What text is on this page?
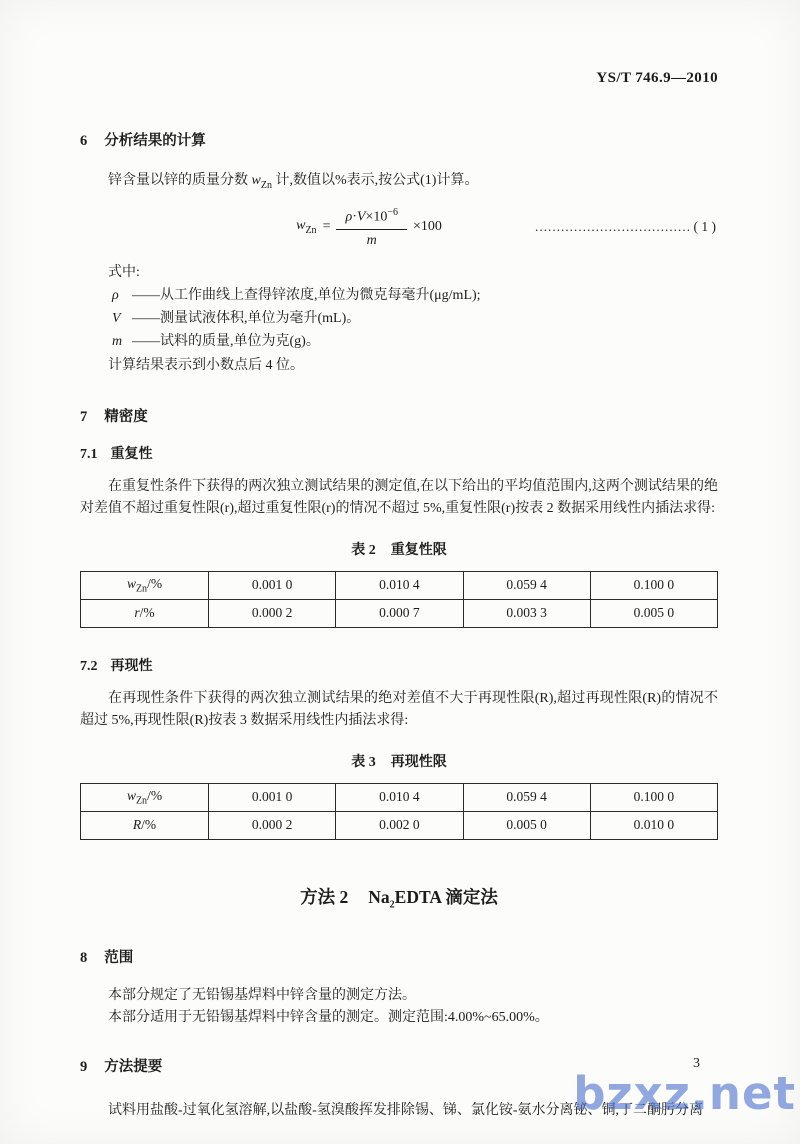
YS/T 746.9—2010
6 分析结果的计算

锌含量以锌的质量分数 $w_{Zn}$ 计,数值以%表示,按公式(1)计算。

$w_{Zn} = \frac{\rho\cdot V\times 10^{-6}}{m} \times 100$	……………………………… ( 1 )

式中:

ρ ——从工作曲线上查得锌浓度,单位为微克每毫升(μg/mL);

V ——测量试液体积,单位为毫升(mL)。

m ——试料的质量,单位为克(g)。

计算结果表示到小数点后 4 位。

7 精密度
7.1 重复性

在重复性条件下获得的两次独立测试结果的测定值,在以下给出的平均值范围内,这两个测试结果的绝对差值不超过重复性限(r),超过重复性限(r)的情况不超过 5%,重复性限(r)按表 2 数据采用线性内插法求得:

表 2 重复性限
$w_{Zn}/\%$	0.001 0	0.010 4	0.059 4	0.100 0
r/%	0.000 2	0.000 7	0.003 3	0.005 0
7.2 再现性

在再现性条件下获得的两次独立测试结果的绝对差值不大于再现性限(R),超过再现性限(R)的情况不超过 5%,再现性限(R)按表 3 数据采用线性内插法求得:

表 3 再现性限
$w_{Zn}/\%$	0.001 0	0.010 4	0.059 4	0.100 0
R/%	0.000 2	0.002 0	0.005 0	0.010 0
方法 2 $Na_2EDTA$ 滴定法
8 范围

本部分规定了无铅锡基焊料中锌含量的测定方法。

本部分适用于无铅锡基焊料中锌含量的测定。测定范围:4.00%~65.00%。

9 方法提要

试料用盐酸-过氧化氢溶解,以盐酸-氢溴酸挥发排除锡、锑、氯化铵-氨水分离铋、铜,丁二酮肟分离

3
bzxz.net
